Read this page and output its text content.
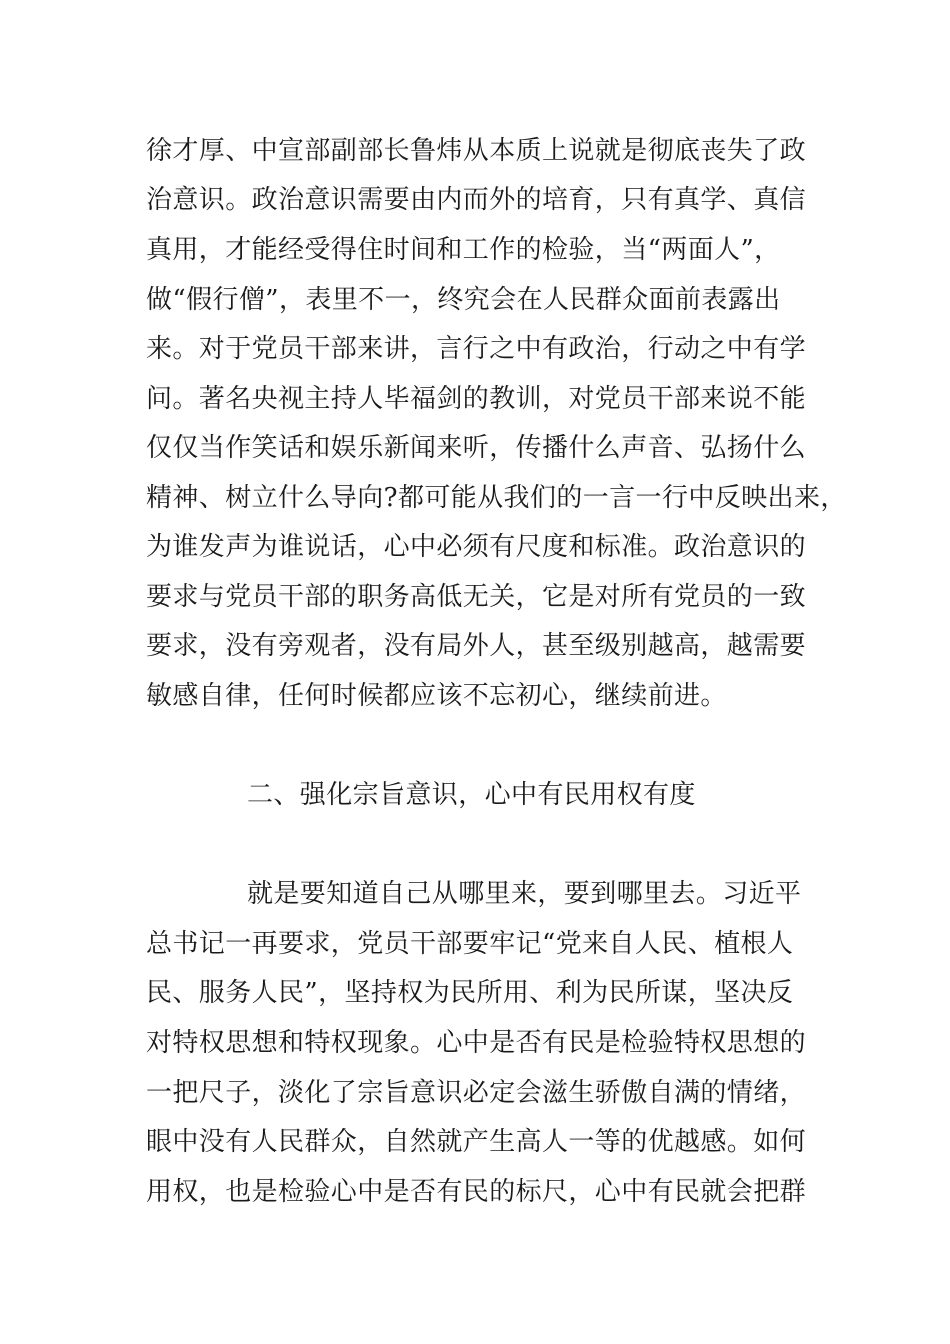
徐才厚、中宣部副部长鲁炜从本质上说就是彻底丧失了政
治意识。政治意识需要由内而外的培育，只有真学、真信
真用，才能经受得住时间和工作的检验，当“两面人”，
做“假行僧”，表里不一，终究会在人民群众面前表露出
来。对于党员干部来讲，言行之中有政治，行动之中有学
问。著名央视主持人毕福剑的教训，对党员干部来说不能
仅仅当作笑话和娱乐新闻来听，传播什么声音、弘扬什么
精神、树立什么导向?都可能从我们的一言一行中反映出来，
为谁发声为谁说话，心中必须有尺度和标准。政治意识的
要求与党员干部的职务高低无关，它是对所有党员的一致
要求，没有旁观者，没有局外人，甚至级别越高，越需要
敏感自律，任何时候都应该不忘初心，继续前进。
二、强化宗旨意识，心中有民用权有度
就是要知道自己从哪里来，要到哪里去。习近平
总书记一再要求，党员干部要牢记“党来自人民、植根人
民、服务人民”，坚持权为民所用、利为民所谋，坚决反
对特权思想和特权现象。心中是否有民是检验特权思想的
一把尺子，淡化了宗旨意识必定会滋生骄傲自满的情绪，
眼中没有人民群众，自然就产生高人一等的优越感。如何
用权，也是检验心中是否有民的标尺，心中有民就会把群
